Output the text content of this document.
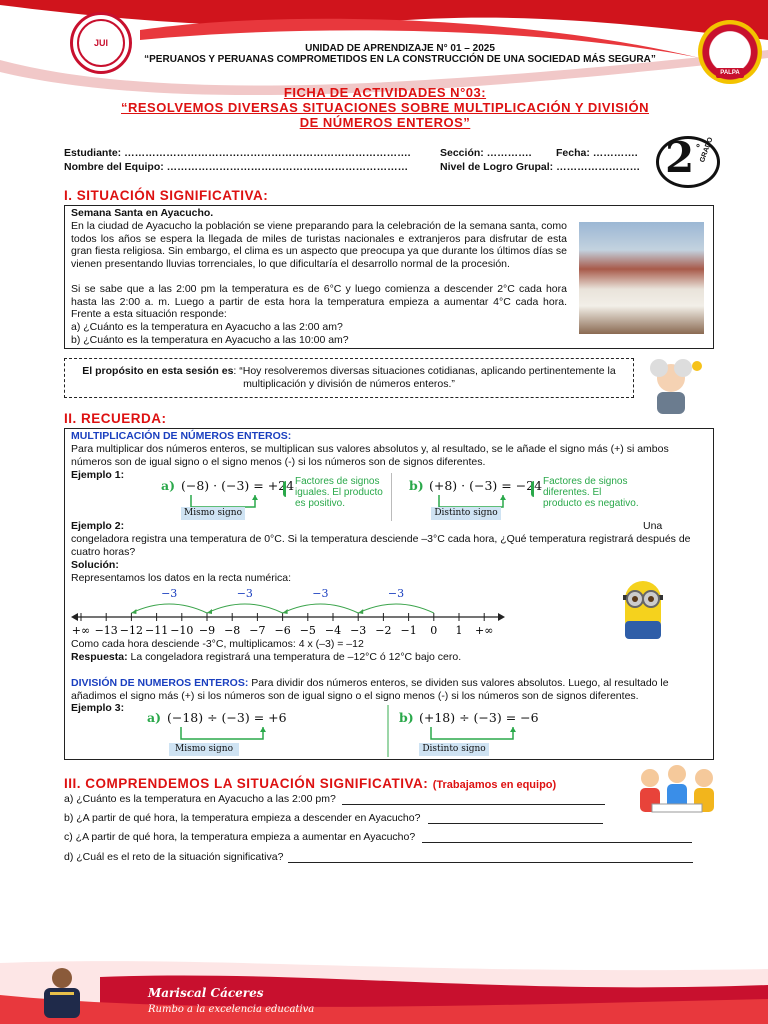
JUI
PALPA
UNIDAD DE APRENDIZAJE N° 01 – 2025
“PERUANOS Y PERUANAS COMPROMETIDOS EN LA CONSTRUCCIÓN DE UNA SOCIEDAD MÁS SEGURA”
FICHA DE ACTIVIDADES N°03:
“RESOLVEMOS DIVERSAS SITUACIONES SOBRE MULTIPLICACIÓN Y DIVISIÓN
DE NÚMEROS ENTEROS”
Estudiante: ……………………………………………………………………….	Sección: …………. Fecha: ………….
Nombre del Equipo: ……………………………………………………………	Nivel de Logro Grupal: …………………… 2 ° GRADO
I. SITUACIÓN SIGNIFICATIVA:
Semana Santa en Ayacucho.
En la ciudad de Ayacucho la población se viene preparando para la celebración de la semana santa, como todos los años se espera la llegada de miles de turistas nacionales e extranjeros para disfrutar de esta gran fiesta religiosa. Sin embargo, el clima es un aspecto que preocupa ya que durante los últimos días se vienen presentando lluvias torrenciales, lo que dificultaría el desarrollo normal de la procesión.
Si se sabe que a las 2:00 pm la temperatura es de 6°C y luego comienza a descender 2°C cada hora hasta las 2:00 a. m. Luego a partir de esta hora la temperatura empieza a aumentar 4°C cada hora. Frente a esta situación responde:
a) ¿Cuánto es la temperatura en Ayacucho a las 2:00 am?
b) ¿Cuánto es la temperatura en Ayacucho a las 10:00 am?
El propósito en esta sesión es: “Hoy resolveremos diversas situaciones cotidianas, aplicando pertinentemente la multiplicación y división de números enteros.”
II. RECUERDA:
MULTIPLICACIÓN DE NÚMEROS ENTEROS:
Para multiplicar dos números enteros, se multiplican sus valores absolutos y, al resultado, se le añade el signo más (+) si ambos números son de igual signo o el signo menos (-) si los números son de signos diferentes.
Ejemplo 1:
a) (−8) · (−3) = +24 Factores de signos iguales. El producto es positivo.
Mismo signo
b) (+8) · (−3) = −24 Factores de signos diferentes. El producto es negativo.
Distinto signo
Ejemplo 2:	Una
congeladora registra una temperatura de 0°C. Si la temperatura desciende –3°C cada hora, ¿Qué temperatura registrará después de cuatro horas?
Solución:
Representamos los datos en la recta numérica:
+∞ −13 −12 −11 −10 −9 −8 −7 −6 −5 −4 −3 −2 −1 0 1 +∞
−3
−3
−3
−3
Como cada hora desciende -3°C, multiplicamos: 4 x (–3) = –12
Respuesta: La congeladora registrará una temperatura de –12°C ó 12°C bajo cero.
DIVISIÓN DE NUMEROS ENTEROS: Para dividir dos números enteros, se dividen sus valores absolutos. Luego, al resultado le añadimos el signo más (+) si los números son de igual signo o el signo menos (-) si los números son de signos diferentes.
Ejemplo 3:
a) (−18) ÷ (−3) = +6
Mismo signo
b) (+18) ÷ (−3) = −6
Distinto signo
III. COMPRENDEMOS LA SITUACIÓN SIGNIFICATIVA: (Trabajamos en equipo)
a) ¿Cuánto es la temperatura en Ayacucho a las 2:00 pm?
b) ¿A partir de qué hora, la temperatura empieza a descender en Ayacucho?
c) ¿A partir de qué hora, la temperatura empieza a aumentar en Ayacucho?
d) ¿Cuál es el reto de la situación significativa?
Mariscal Cáceres
Rumbo a la excelencia educativa
